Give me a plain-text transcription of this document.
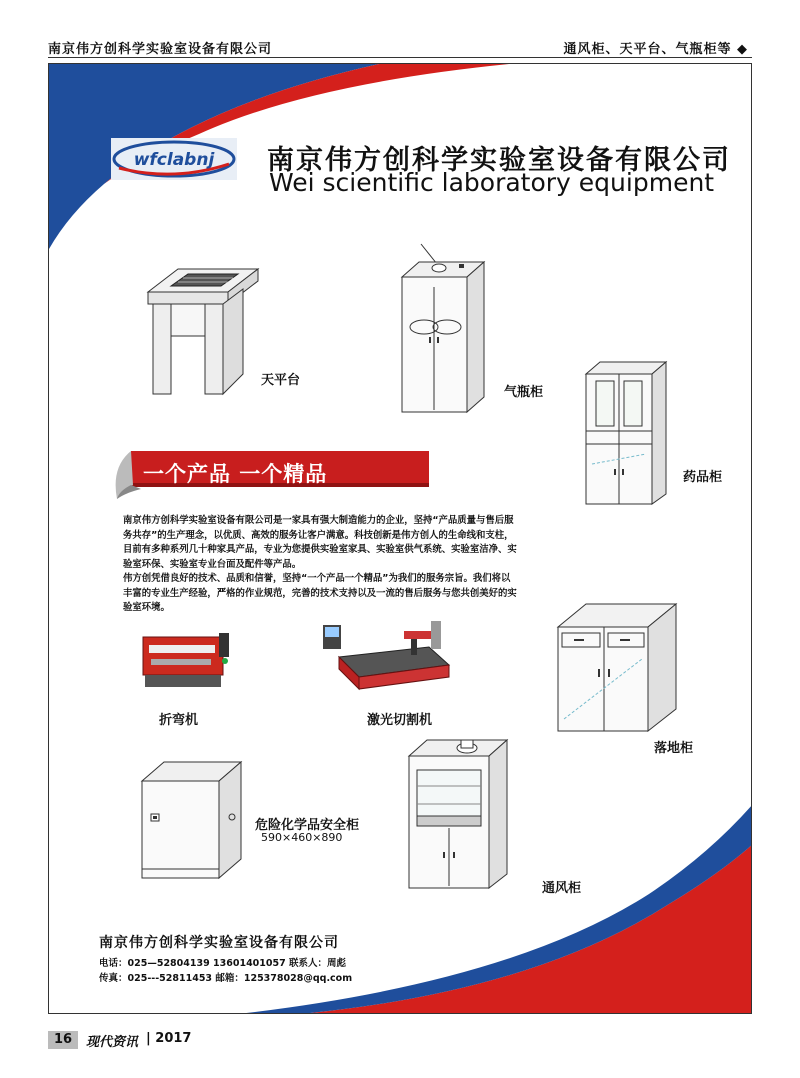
南京伟方创科学实验室设备有限公司	通风柜、天平台、气瓶柜等 ◆
wfclabnj 南京伟方创科学实验室设备有限公司
Wei scientific laboratory equipment
天平台
气瓶柜
药品柜
一个产品 一个精品

南京伟方创科学实验室设备有限公司是一家具有强大制造能力的企业，坚持“产品质量与售后服务共存”的生产理念，以优质、高效的服务让客户满意。科技创新是伟方创人的生命线和支柱，目前有多种系列几十种家具产品，专业为您提供实验室家具、实验室供气系统、实验室洁净、实验室环保、实验室专业台面及配件等产品。

伟方创凭借良好的技术、品质和信誉，坚持“一个产品一个精品”为我们的服务宗旨。我们将以丰富的专业生产经验，严格的作业规范，完善的技术支持以及一流的售后服务与您共创美好的实验室环境。

折弯机	激光切割机
落地柜
危险化学品安全柜
590×460×890
通风柜
南京伟方创科学实验室设备有限公司
电话：025—52804139 13601401057 联系人：周彪
传真：025---52811453 邮箱：125378028@qq.com
16	现代资讯 | 2017
